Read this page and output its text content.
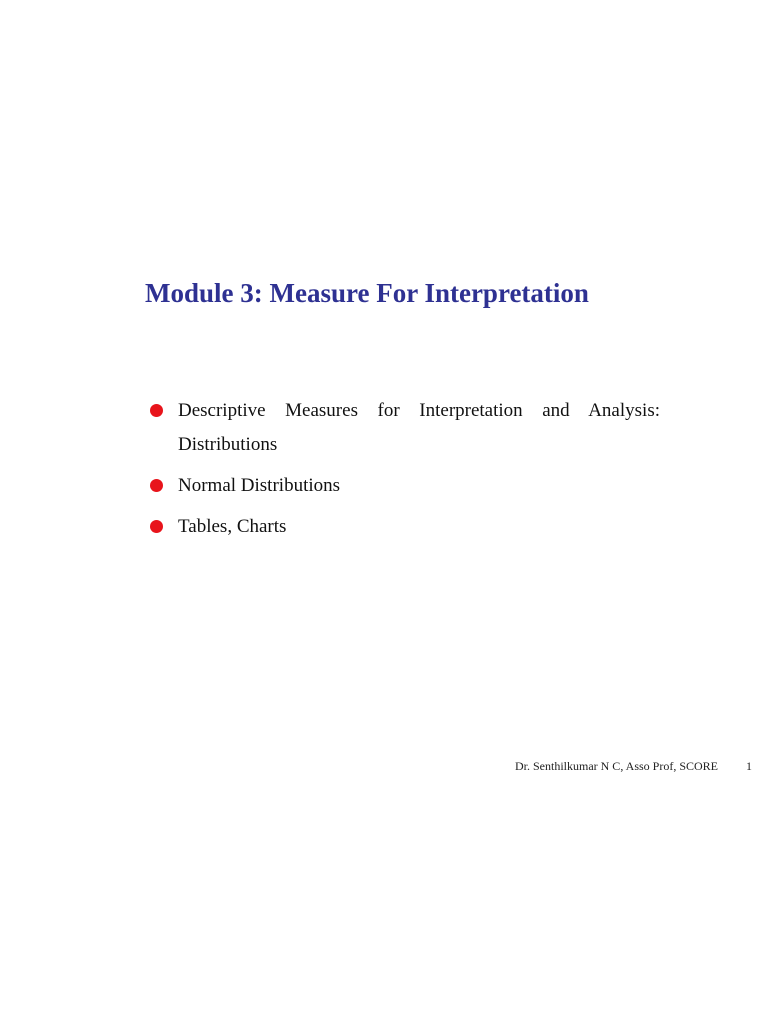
Module 3: Measure For Interpretation
Descriptive Measures for Interpretation and Analysis: Distributions
Normal Distributions
Tables, Charts
Dr. Senthilkumar N C, Asso Prof, SCORE 1
